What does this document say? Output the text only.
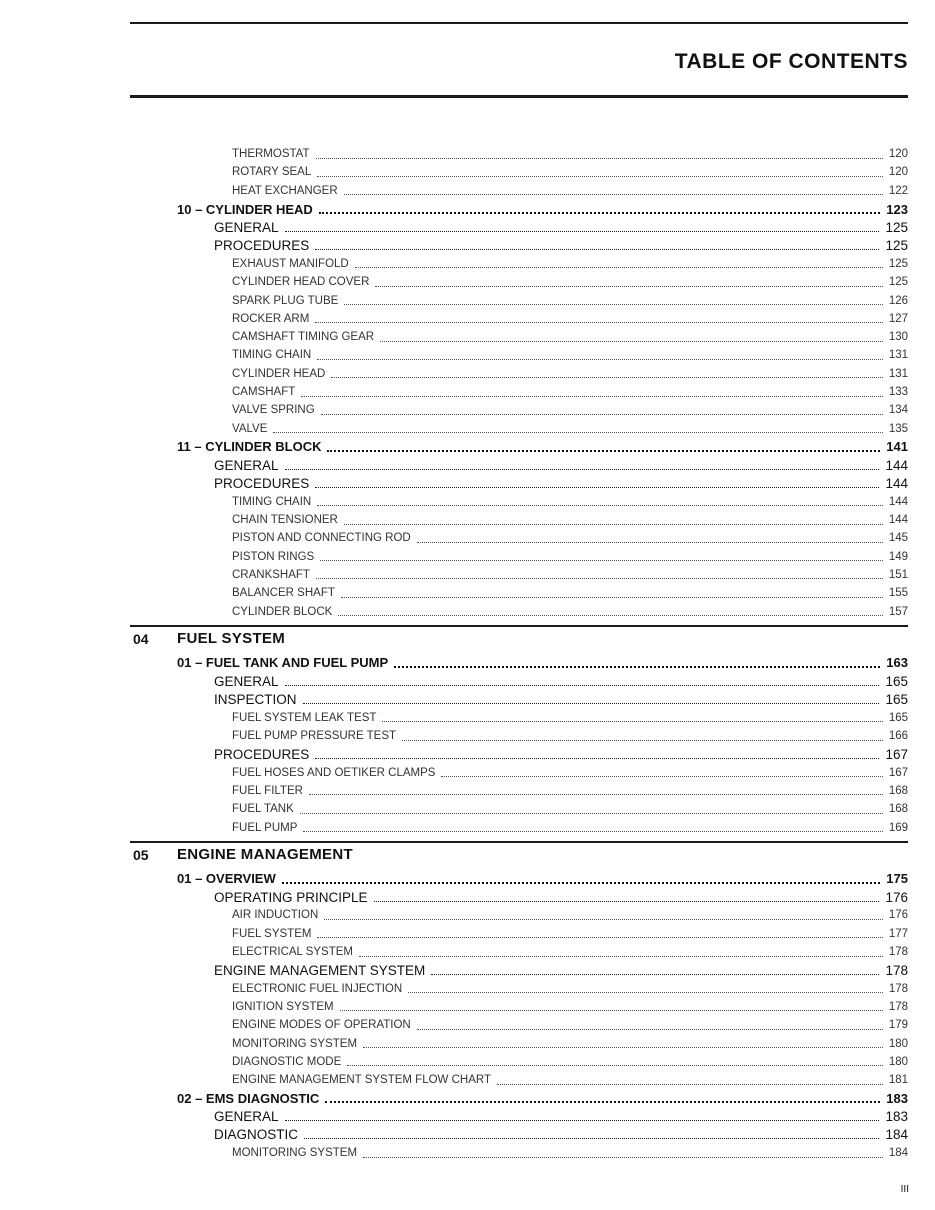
TABLE OF CONTENTS
THERMOSTAT	120
ROTARY SEAL	120
HEAT EXCHANGER	122
10 – CYLINDER HEAD	123
GENERAL	125
PROCEDURES	125
EXHAUST MANIFOLD	125
CYLINDER HEAD COVER	125
SPARK PLUG TUBE	126
ROCKER ARM	127
CAMSHAFT TIMING GEAR	130
TIMING CHAIN	131
CYLINDER HEAD	131
CAMSHAFT	133
VALVE SPRING	134
VALVE	135
11 – CYLINDER BLOCK	141
GENERAL	144
PROCEDURES	144
TIMING CHAIN	144
CHAIN TENSIONER	144
PISTON AND CONNECTING ROD	145
PISTON RINGS	149
CRANKSHAFT	151
BALANCER SHAFT	155
CYLINDER BLOCK	157
04 FUEL SYSTEM
01 – FUEL TANK AND FUEL PUMP	163
GENERAL	165
INSPECTION	165
FUEL SYSTEM LEAK TEST	165
FUEL PUMP PRESSURE TEST	166
PROCEDURES	167
FUEL HOSES AND OETIKER CLAMPS	167
FUEL FILTER	168
FUEL TANK	168
FUEL PUMP	169
05 ENGINE MANAGEMENT
01 – OVERVIEW	175
OPERATING PRINCIPLE	176
AIR INDUCTION	176
FUEL SYSTEM	177
ELECTRICAL SYSTEM	178
ENGINE MANAGEMENT SYSTEM	178
ELECTRONIC FUEL INJECTION	178
IGNITION SYSTEM	178
ENGINE MODES OF OPERATION	179
MONITORING SYSTEM	180
DIAGNOSTIC MODE	180
ENGINE MANAGEMENT SYSTEM FLOW CHART	181
02 – EMS DIAGNOSTIC	183
GENERAL	183
DIAGNOSTIC	184
MONITORING SYSTEM	184
III
